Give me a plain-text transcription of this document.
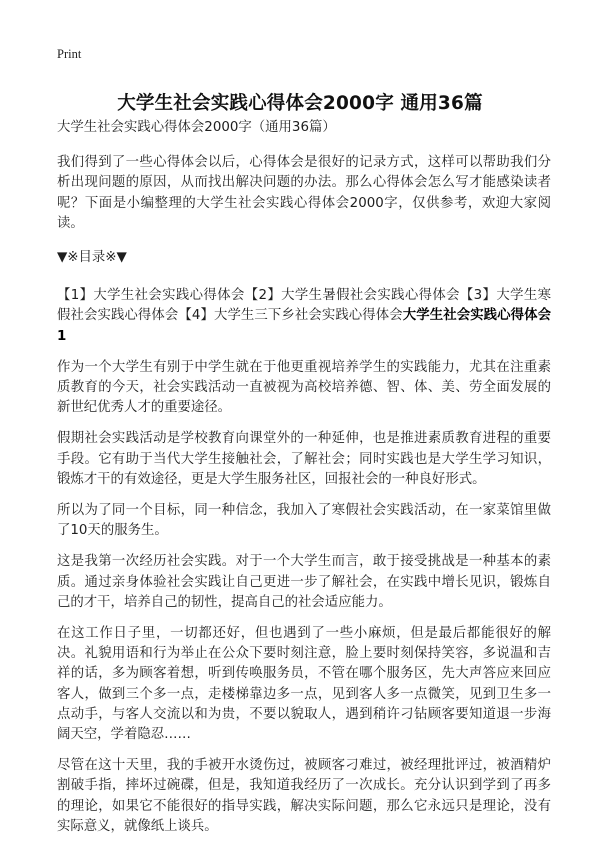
Print
大学生社会实践心得体会2000字 通用36篇

大学生社会实践心得体会2000字（通用36篇）

我们得到了一些心得体会以后，心得体会是很好的记录方式，这样可以帮助我们分析出现问题的原因，从而找出解决问题的办法。那么心得体会怎么写才能感染读者呢？下面是小编整理的大学生社会实践心得体会2000字，仅供参考，欢迎大家阅读。

▼※目录※▼

【1】大学生社会实践心得体会【2】大学生暑假社会实践心得体会【3】大学生寒假社会实践心得体会【4】大学生三下乡社会实践心得体会大学生社会实践心得体会1

作为一个大学生有别于中学生就在于他更重视培养学生的实践能力，尤其在注重素质教育的今天，社会实践活动一直被视为高校培养德、智、体、美、劳全面发展的新世纪优秀人才的重要途径。

假期社会实践活动是学校教育向课堂外的一种延伸，也是推进素质教育进程的重要手段。它有助于当代大学生接触社会，了解社会；同时实践也是大学生学习知识，锻炼才干的有效途径，更是大学生服务社区，回报社会的一种良好形式。

所以为了同一个目标，同一种信念，我加入了寒假社会实践活动，在一家菜馆里做了10天的服务生。

这是我第一次经历社会实践。对于一个大学生而言，敢于接受挑战是一种基本的素质。通过亲身体验社会实践让自己更进一步了解社会，在实践中增长见识，锻炼自己的才干，培养自己的韧性，提高自己的社会适应能力。

在这工作日子里，一切都还好，但也遇到了一些小麻烦，但是最后都能很好的解决。礼貌用语和行为举止在公众下要时刻注意，脸上要时刻保持笑容，多说温和吉祥的话，多为顾客着想，听到传唤服务员，不管在哪个服务区，先大声答应来回应客人，做到三个多一点，走楼梯靠边多一点，见到客人多一点微笑，见到卫生多一点动手，与客人交流以和为贵，不要以貌取人，遇到稍许刁钻顾客要知道退一步海阔天空，学着隐忍……

尽管在这十天里，我的手被开水烫伤过，被顾客刁难过，被经理批评过，被酒精炉割破手指，摔坏过碗碟，但是，我知道我经历了一次成长。充分认识到学到了再多的理论，如果它不能很好的指导实践，解决实际问题，那么它永远只是理论，没有实际意义，就像纸上谈兵。
